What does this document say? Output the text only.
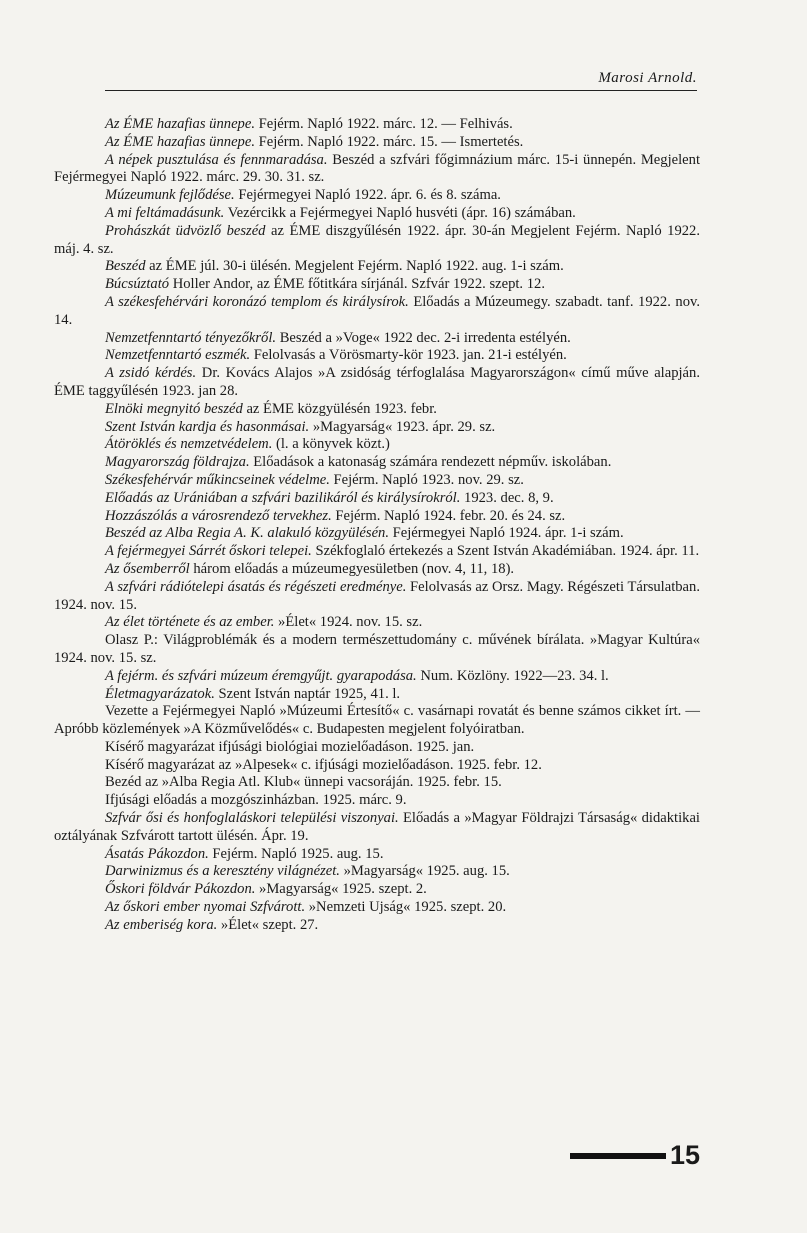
Marosi Arnold.

Az ÉME hazafias ünnepe. Fejérm. Napló 1922. márc. 12. — Felhivás.

Az ÉME hazafias ünnepe. Fejérm. Napló 1922. márc. 15. — Ismertetés.

A népek pusztulása és fennmaradása. Beszéd a szfvári főgimnázium márc. 15-i ünnepén. Megjelent Fejérmegyei Napló 1922. márc. 29. 30. 31. sz.

Múzeumunk fejlődése. Fejérmegyei Napló 1922. ápr. 6. és 8. száma.

A mi feltámadásunk. Vezércikk a Fejérmegyei Napló husvéti (ápr. 16) számában.

Prohászkát üdvözlő beszéd az ÉME diszgyűlésén 1922. ápr. 30-án Megjelent Fejérm. Napló 1922. máj. 4. sz.

Beszéd az ÉME júl. 30-i ülésén. Megjelent Fejérm. Napló 1922. aug. 1-i szám.

Búcsúztató Holler Andor, az ÉME főtitkára sírjánál. Szfvár 1922. szept. 12.

A székesfehérvári koronázó templom és királysírok. Előadás a Múzeumegy. szabadt. tanf. 1922. nov. 14.

Nemzetfenntartó tényezőkről. Beszéd a »Voge« 1922 dec. 2-i irredenta estélyén.

Nemzetfenntartó eszmék. Felolvasás a Vörösmarty-kör 1923. jan. 21-i estélyén.

A zsidó kérdés. Dr. Kovács Alajos »A zsidóság térfoglalása Magyarországon« című műve alapján. ÉME taggyűlésén 1923. jan 28.

Elnöki megnyitó beszéd az ÉME közgyülésén 1923. febr.

Szent István kardja és hasonmásai. »Magyarság« 1923. ápr. 29. sz.

Átöröklés és nemzetvédelem. (l. a könyvek közt.)

Magyarország földrajza. Előadások a katonaság számára rendezett népműv. iskolában.

Székesfehérvár műkincseinek védelme. Fejérm. Napló 1923. nov. 29. sz.

Előadás az Urániában a szfvári bazilikáról és királysírokról. 1923. dec. 8, 9.

Hozzászólás a városrendező tervekhez. Fejérm. Napló 1924. febr. 20. és 24. sz.

Beszéd az Alba Regia A. K. alakuló közgyülésén. Fejérmegyei Napló 1924. ápr. 1-i szám.

A fejérmegyei Sárrét őskori telepei. Székfoglaló értekezés a Szent István Akadémiában. 1924. ápr. 11.

Az ősemberről három előadás a múzeumegyesületben (nov. 4, 11, 18).

A szfvári rádiótelepi ásatás és régészeti eredménye. Felolvasás az Orsz. Magy. Régészeti Társulatban. 1924. nov. 15.

Az élet története és az ember. »Élet« 1924. nov. 15. sz.

Olasz P.: Világproblémák és a modern természettudomány c. művének bírálata. »Magyar Kultúra« 1924. nov. 15. sz.

A fejérm. és szfvári múzeum éremgyűjt. gyarapodása. Num. Közlöny. 1922—23. 34. l.

Életmagyarázatok. Szent István naptár 1925, 41. l.

Vezette a Fejérmegyei Napló »Múzeumi Értesítő« c. vasárnapi rovatát és benne számos cikket írt. — Apróbb közlemények »A Közművelődés« c. Budapesten megjelent folyóiratban.

Kísérő magyarázat ifjúsági biológiai mozielőadáson. 1925. jan.

Kísérő magyarázat az »Alpesek« c. ifjúsági mozielőadáson. 1925. febr. 12.

Bezéd az »Alba Regia Atl. Klub« ünnepi vacsoráján. 1925. febr. 15.

Ifjúsági előadás a mozgószinházban. 1925. márc. 9.

Szfvár ősi és honfoglaláskori települési viszonyai. Előadás a »Magyar Földrajzi Társaság« didaktikai oztályának Szfvárott tartott ülésén. Ápr. 19.

Ásatás Pákozdon. Fejérm. Napló 1925. aug. 15.

Darwinizmus és a keresztény világnézet. »Magyarság« 1925. aug. 15.

Őskori földvár Pákozdon. »Magyarság« 1925. szept. 2.

Az őskori ember nyomai Szfvárott. »Nemzeti Ujság« 1925. szept. 20.

Az emberiség kora. »Élet« szept. 27.

15
